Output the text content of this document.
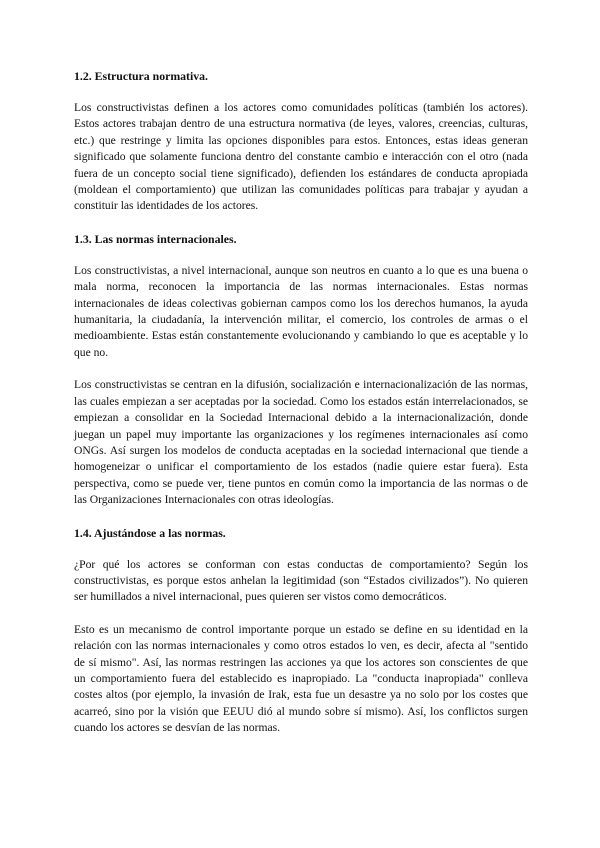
1.2. Estructura normativa.

Los constructivistas definen a los actores como comunidades políticas (también los actores). Estos actores trabajan dentro de una estructura normativa (de leyes, valores, creencias, culturas, etc.) que restringe y limita las opciones disponibles para estos. Entonces, estas ideas generan significado que solamente funciona dentro del constante cambio e interacción con el otro (nada fuera de un concepto social tiene significado), defienden los estándares de conducta apropiada (moldean el comportamiento) que utilizan las comunidades políticas para trabajar y ayudan a constituir las identidades de los actores.

1.3. Las normas internacionales.

Los constructivistas, a nivel internacional, aunque son neutros en cuanto a lo que es una buena o mala norma, reconocen la importancia de las normas internacionales. Estas normas internacionales de ideas colectivas gobiernan campos como los los derechos humanos, la ayuda humanitaria, la ciudadanía, la intervención militar, el comercio, los controles de armas o el medioambiente. Estas están constantemente evolucionando y cambiando lo que es aceptable y lo que no.

Los constructivistas se centran en la difusión, socialización e internacionalización de las normas, las cuales empiezan a ser aceptadas por la sociedad. Como los estados están interrelacionados, se empiezan a consolidar en la Sociedad Internacional debido a la internacionalización, donde juegan un papel muy importante las organizaciones y los regímenes internacionales así como ONGs. Así surgen los modelos de conducta aceptadas en la sociedad internacional que tiende a homogeneizar o unificar el comportamiento de los estados (nadie quiere estar fuera). Esta perspectiva, como se puede ver, tiene puntos en común como la importancia de las normas o de las Organizaciones Internacionales con otras ideologías.

1.4. Ajustándose a las normas.

¿Por qué los actores se conforman con estas conductas de comportamiento? Según los constructivistas, es porque estos anhelan la legitimidad (son “Estados civilizados”). No quieren ser humillados a nivel internacional, pues quieren ser vistos como democráticos.

Esto es un mecanismo de control importante porque un estado se define en su identidad en la relación con las normas internacionales y como otros estados lo ven, es decir, afecta al "sentido de sí mismo". Así, las normas restringen las acciones ya que los actores son conscientes de que un comportamiento fuera del establecido es inapropiado. La "conducta inapropiada" conlleva costes altos (por ejemplo, la invasión de Irak, esta fue un desastre ya no solo por los costes que acarreó, sino por la visión que EEUU dió al mundo sobre sí mismo). Así, los conflictos surgen cuando los actores se desvían de las normas.
